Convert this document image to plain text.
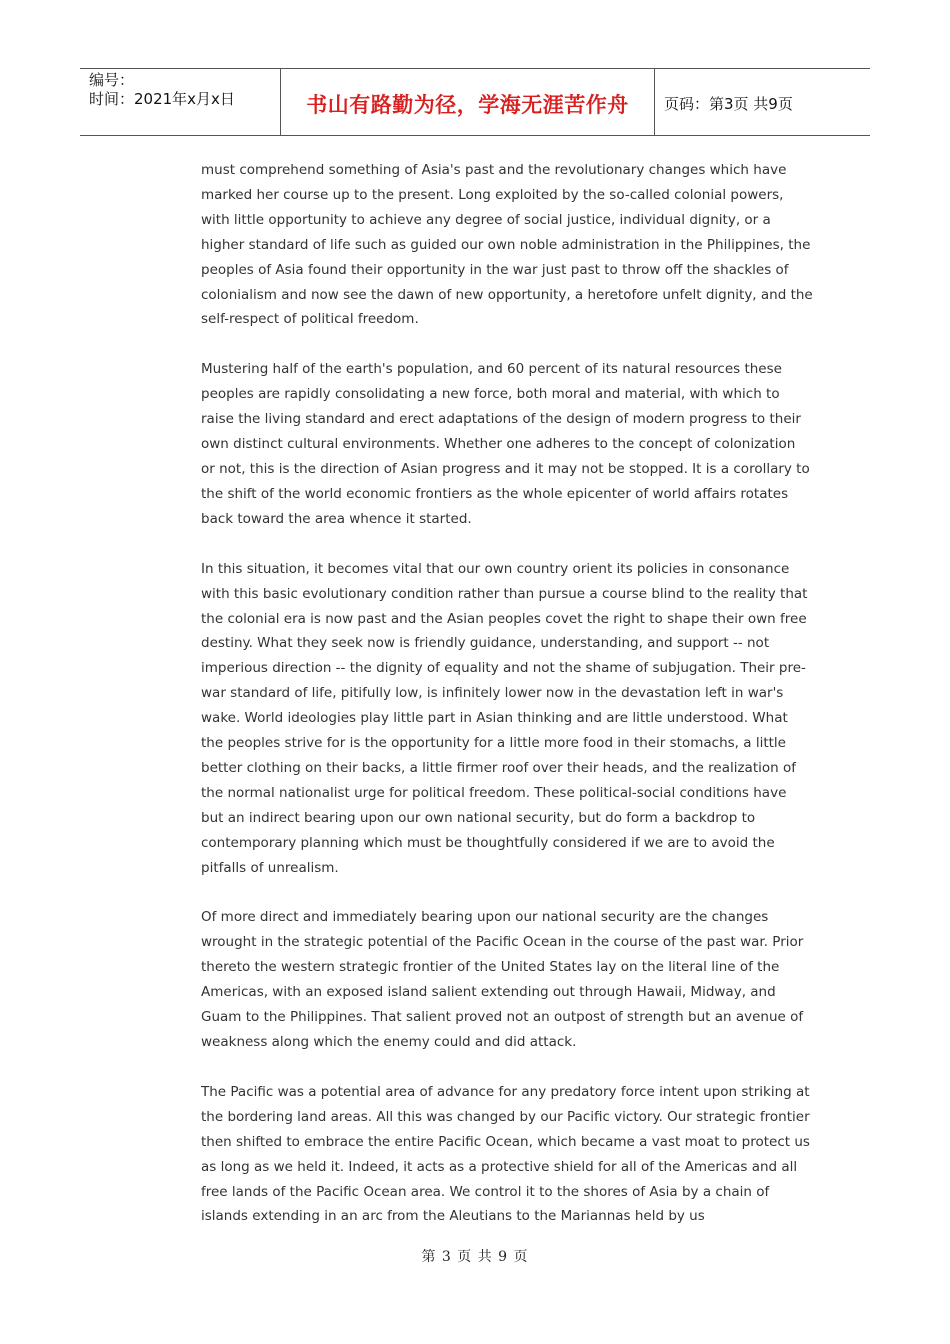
编号：
时间：2021年x月x日	书山有路勤为径，学海无涯苦作舟 页码：第3页 共9页

must comprehend something of Asia's past and the revolutionary changes which have marked her course up to the present. Long exploited by the so-called colonial powers, with little opportunity to achieve any degree of social justice, individual dignity, or a higher standard of life such as guided our own noble administration in the Philippines, the peoples of Asia found their opportunity in the war just past to throw off the shackles of colonialism and now see the dawn of new opportunity, a heretofore unfelt dignity, and the self-respect of political freedom.

Mustering half of the earth's population, and 60 percent of its natural resources these peoples are rapidly consolidating a new force, both moral and material, with which to raise the living standard and erect adaptations of the design of modern progress to their own distinct cultural environments. Whether one adheres to the concept of colonization or not, this is the direction of Asian progress and it may not be stopped. It is a corollary to the shift of the world economic frontiers as the whole epicenter of world affairs rotates back toward the area whence it started.

In this situation, it becomes vital that our own country orient its policies in consonance with this basic evolutionary condition rather than pursue a course blind to the reality that the colonial era is now past and the Asian peoples covet the right to shape their own free destiny. What they seek now is friendly guidance, understanding, and support -- not imperious direction -- the dignity of equality and not the shame of subjugation. Their pre-war standard of life, pitifully low, is infinitely lower now in the devastation left in war's wake. World ideologies play little part in Asian thinking and are little understood. What the peoples strive for is the opportunity for a little more food in their stomachs, a little better clothing on their backs, a little firmer roof over their heads, and the realization of the normal nationalist urge for political freedom. These political-social conditions have but an indirect bearing upon our own national security, but do form a backdrop to contemporary planning which must be thoughtfully considered if we are to avoid the pitfalls of unrealism.

Of more direct and immediately bearing upon our national security are the changes wrought in the strategic potential of the Pacific Ocean in the course of the past war. Prior thereto the western strategic frontier of the United States lay on the literal line of the Americas, with an exposed island salient extending out through Hawaii, Midway, and Guam to the Philippines. That salient proved not an outpost of strength but an avenue of weakness along which the enemy could and did attack.

The Pacific was a potential area of advance for any predatory force intent upon striking at the bordering land areas. All this was changed by our Pacific victory. Our strategic frontier then shifted to embrace the entire Pacific Ocean, which became a vast moat to protect us as long as we held it. Indeed, it acts as a protective shield for all of the Americas and all free lands of the Pacific Ocean area. We control it to the shores of Asia by a chain of islands extending in an arc from the Aleutians to the Mariannas held by us

第 3 页 共 9 页
